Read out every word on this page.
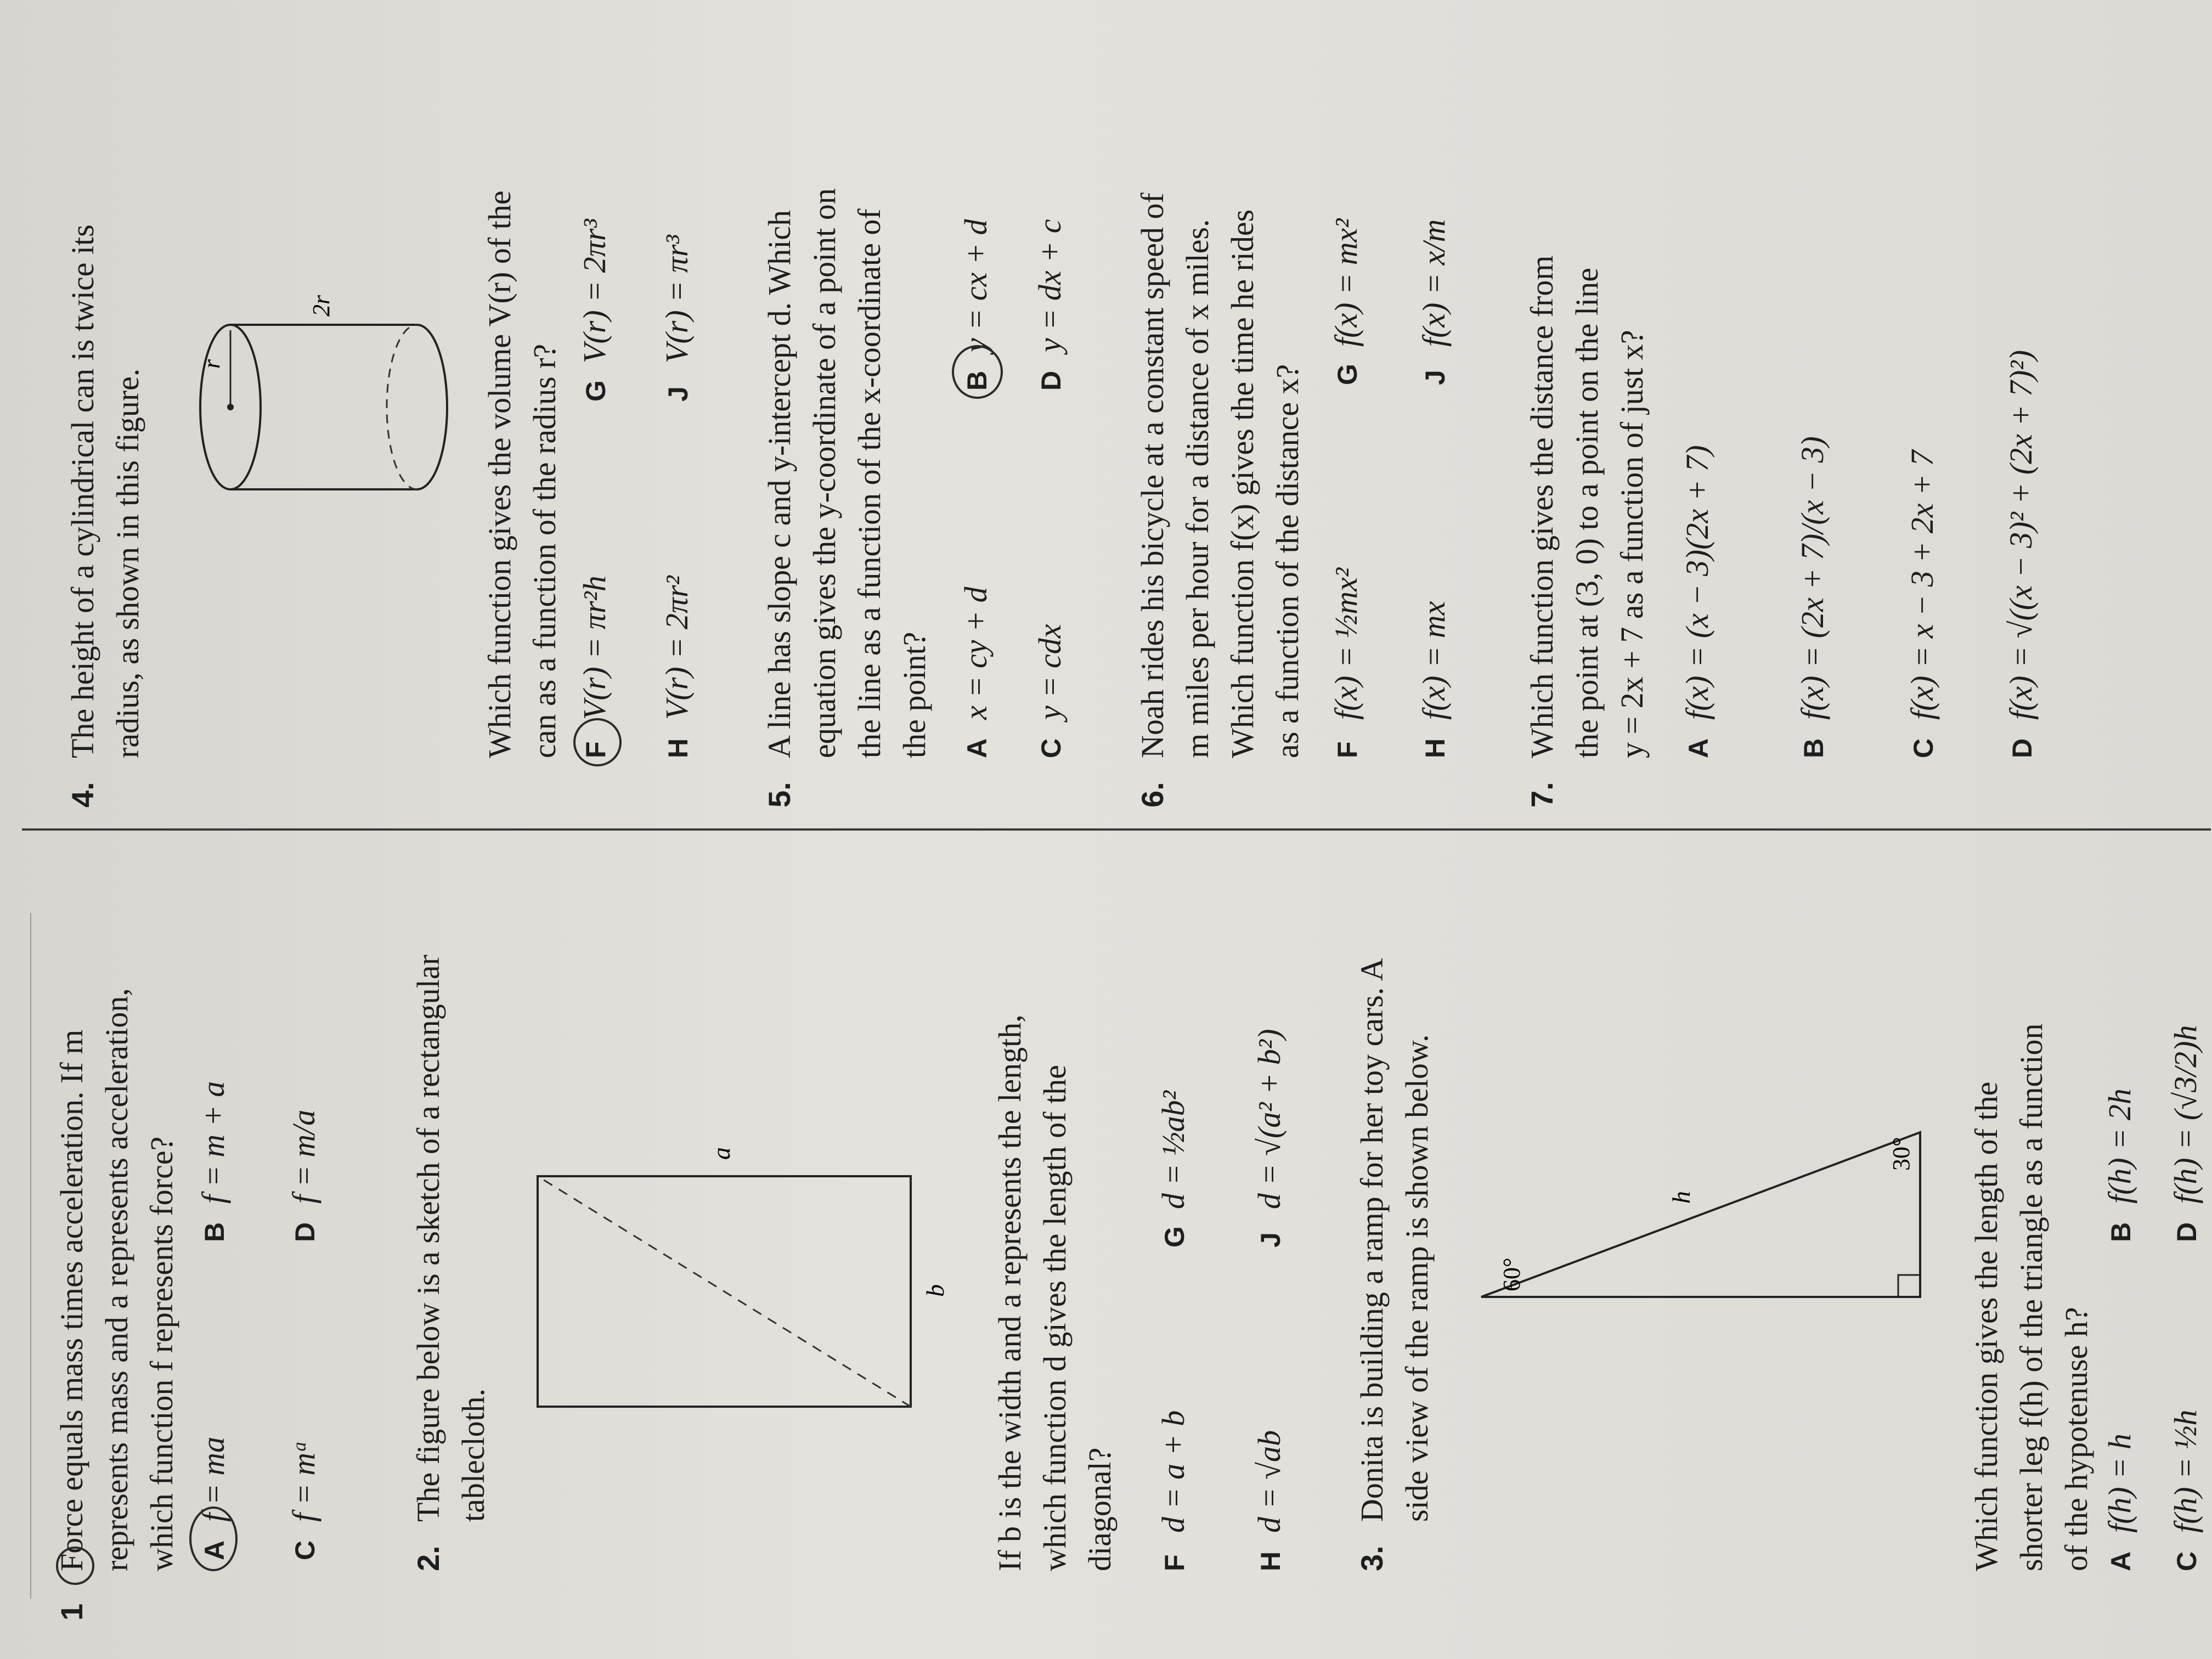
1
Force equals mass times acceleration. If m
represents mass and a represents acceleration,
which function f represents force?
Af = ma
Bf = m + a
Cf = mᵃ
Df = m/a
2.
The figure below is a sketch of a rectangular
tablecloth.
a
b
If b is the width and a represents the length,
which function d gives the length of the
diagonal? Fd = a + b
Gd = ½ab²
Hd = √ab
Jd = √(a² + b²)
3.
Donita is building a ramp for her toy cars. A
side view of the ramp is shown below.
30°
60°
h
Which function gives the length of the
shorter leg f(h) of the triangle as a function
of the hypotenuse h?
Af(h) = h
Bf(h) = 2h
Cf(h) = ½h
Df(h) = (√3/2)h
4.
The height of a cylindrical can is twice its
radius, as shown in this figure.
r
2r
Which function gives the volume V(r) of the
can as a function of the radius r?
FV(r) = πr²h
GV(r) = 2πr³
HV(r) = 2πr²
JV(r) = πr³
5.
A line has slope c and y-intercept d. Which
equation gives the y-coordinate of a point on
the line as a function of the x-coordinate of
the point?
Ax = cy + d
By = cx + d
Cy = cdx
Dy = dx + c
6.
Noah rides his bicycle at a constant speed of
m miles per hour for a distance of x miles.
Which function f(x) gives the time he rides
as a function of the distance x?
Ff(x) = ½mx²
Gf(x) = mx²
Hf(x) = mx
Jf(x) = x/m
7.
Which function gives the distance from
the point at (3, 0) to a point on the line
y = 2x + 7 as a function of just x?
Af(x) = (x − 3)(2x + 7)
Bf(x) = (2x + 7)/(x − 3)
Cf(x) = x − 3 + 2x + 7
Df(x) = √((x − 3)² + (2x + 7)²)
